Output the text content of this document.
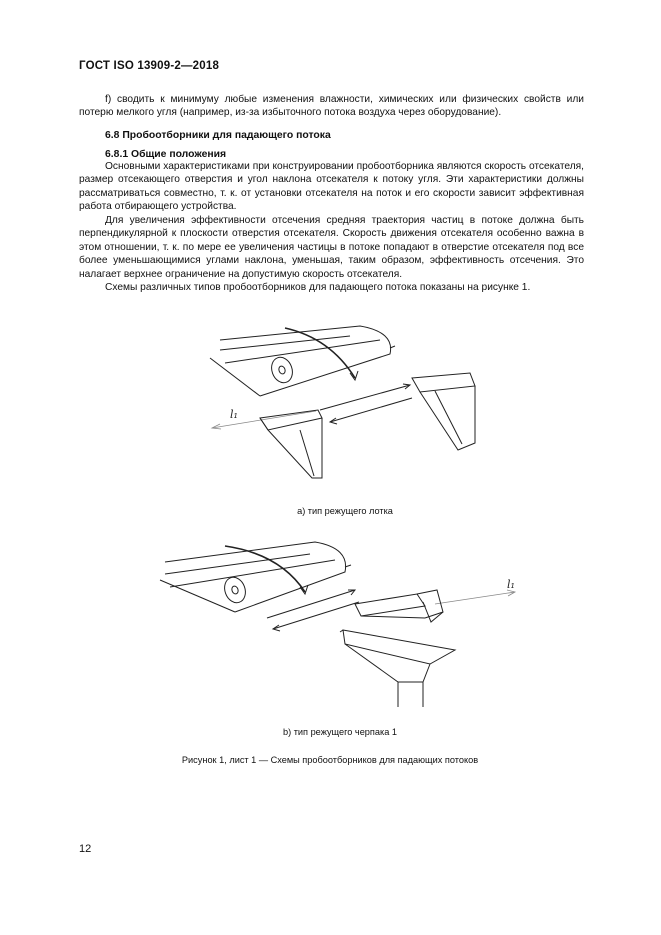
ГОСТ ISO 13909-2—2018

f) сводить к минимуму любые изменения влажности, химических или физических свойств или потерю мелкого угля (например, из-за избыточного потока воздуха через оборудование).

6.8 Пробоотборники для падающего потока
6.8.1 Общие положения

Основными характеристиками при конструировании пробоотборника являются скорость отсекателя, размер отсекающего отверстия и угол наклона отсекателя к потоку угля. Эти характеристики должны рассматриваться совместно, т. к. от установки отсекателя на поток и его скорости зависит эффективная работа отбирающего устройства.

Для увеличения эффективности отсечения средняя траектория частиц в потоке должна быть перпендикулярной к плоскости отверстия отсекателя. Скорость движения отсекателя особенно важна в этом отношении, т. к. по мере ее увеличения частицы в потоке попадают в отверстие отсекателя под все более уменьшающимися углами наклона, уменьшая, таким образом, эффективность отсечения. Это налагает верхнее ограничение на допустимую скорость отсекателя.

Схемы различных типов пробоотборников для падающего потока показаны на рисунке 1.

l₁
а) тип режущего лотка
l₁
b) тип режущего черпака 1
Рисунок 1, лист 1 — Схемы пробоотборников для падающих потоков
12
